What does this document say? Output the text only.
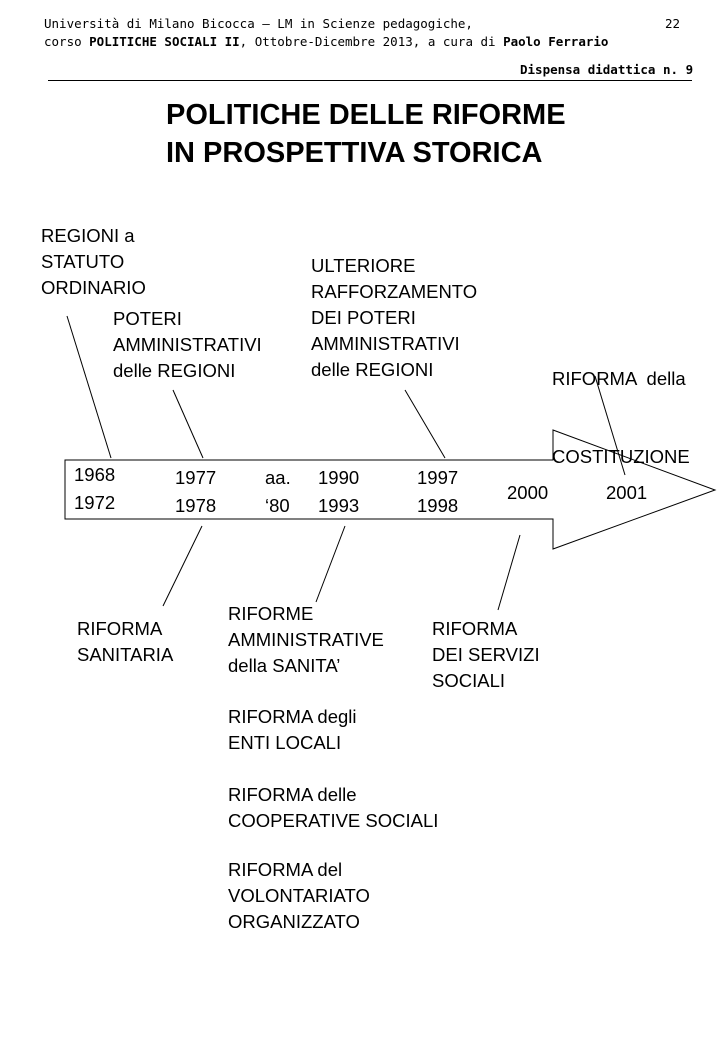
Università di Milano Bicocca – LM in Scienze pedagogiche,	22
corso POLITICHE SOCIALI II, Ottobre-Dicembre 2013, a cura di Paolo Ferrario
Dispensa didattica n. 9
POLITICHE DELLE RIFORME
IN PROSPETTIVA STORICA
1968
1972
1977
1978
aa.
‘80
1990
1993
1997
1998
2000	2001
REGIONI a
STATUTO
ORDINARIO
POTERI
AMMINISTRATIVI
delle REGIONI
ULTERIORE
RAFFORZAMENTO
DEI POTERI
AMMINISTRATIVI
delle REGIONI

	RIFORMA  della

COSTITUZIONE

RIFORMA
SANITARIA
RIFORME
AMMINISTRATIVE
della SANITA’
RIFORMA
DEI SERVIZI
SOCIALI
RIFORMA degli
ENTI LOCALI
RIFORMA delle
COOPERATIVE SOCIALI
RIFORMA del
VOLONTARIATO
ORGANIZZATO
